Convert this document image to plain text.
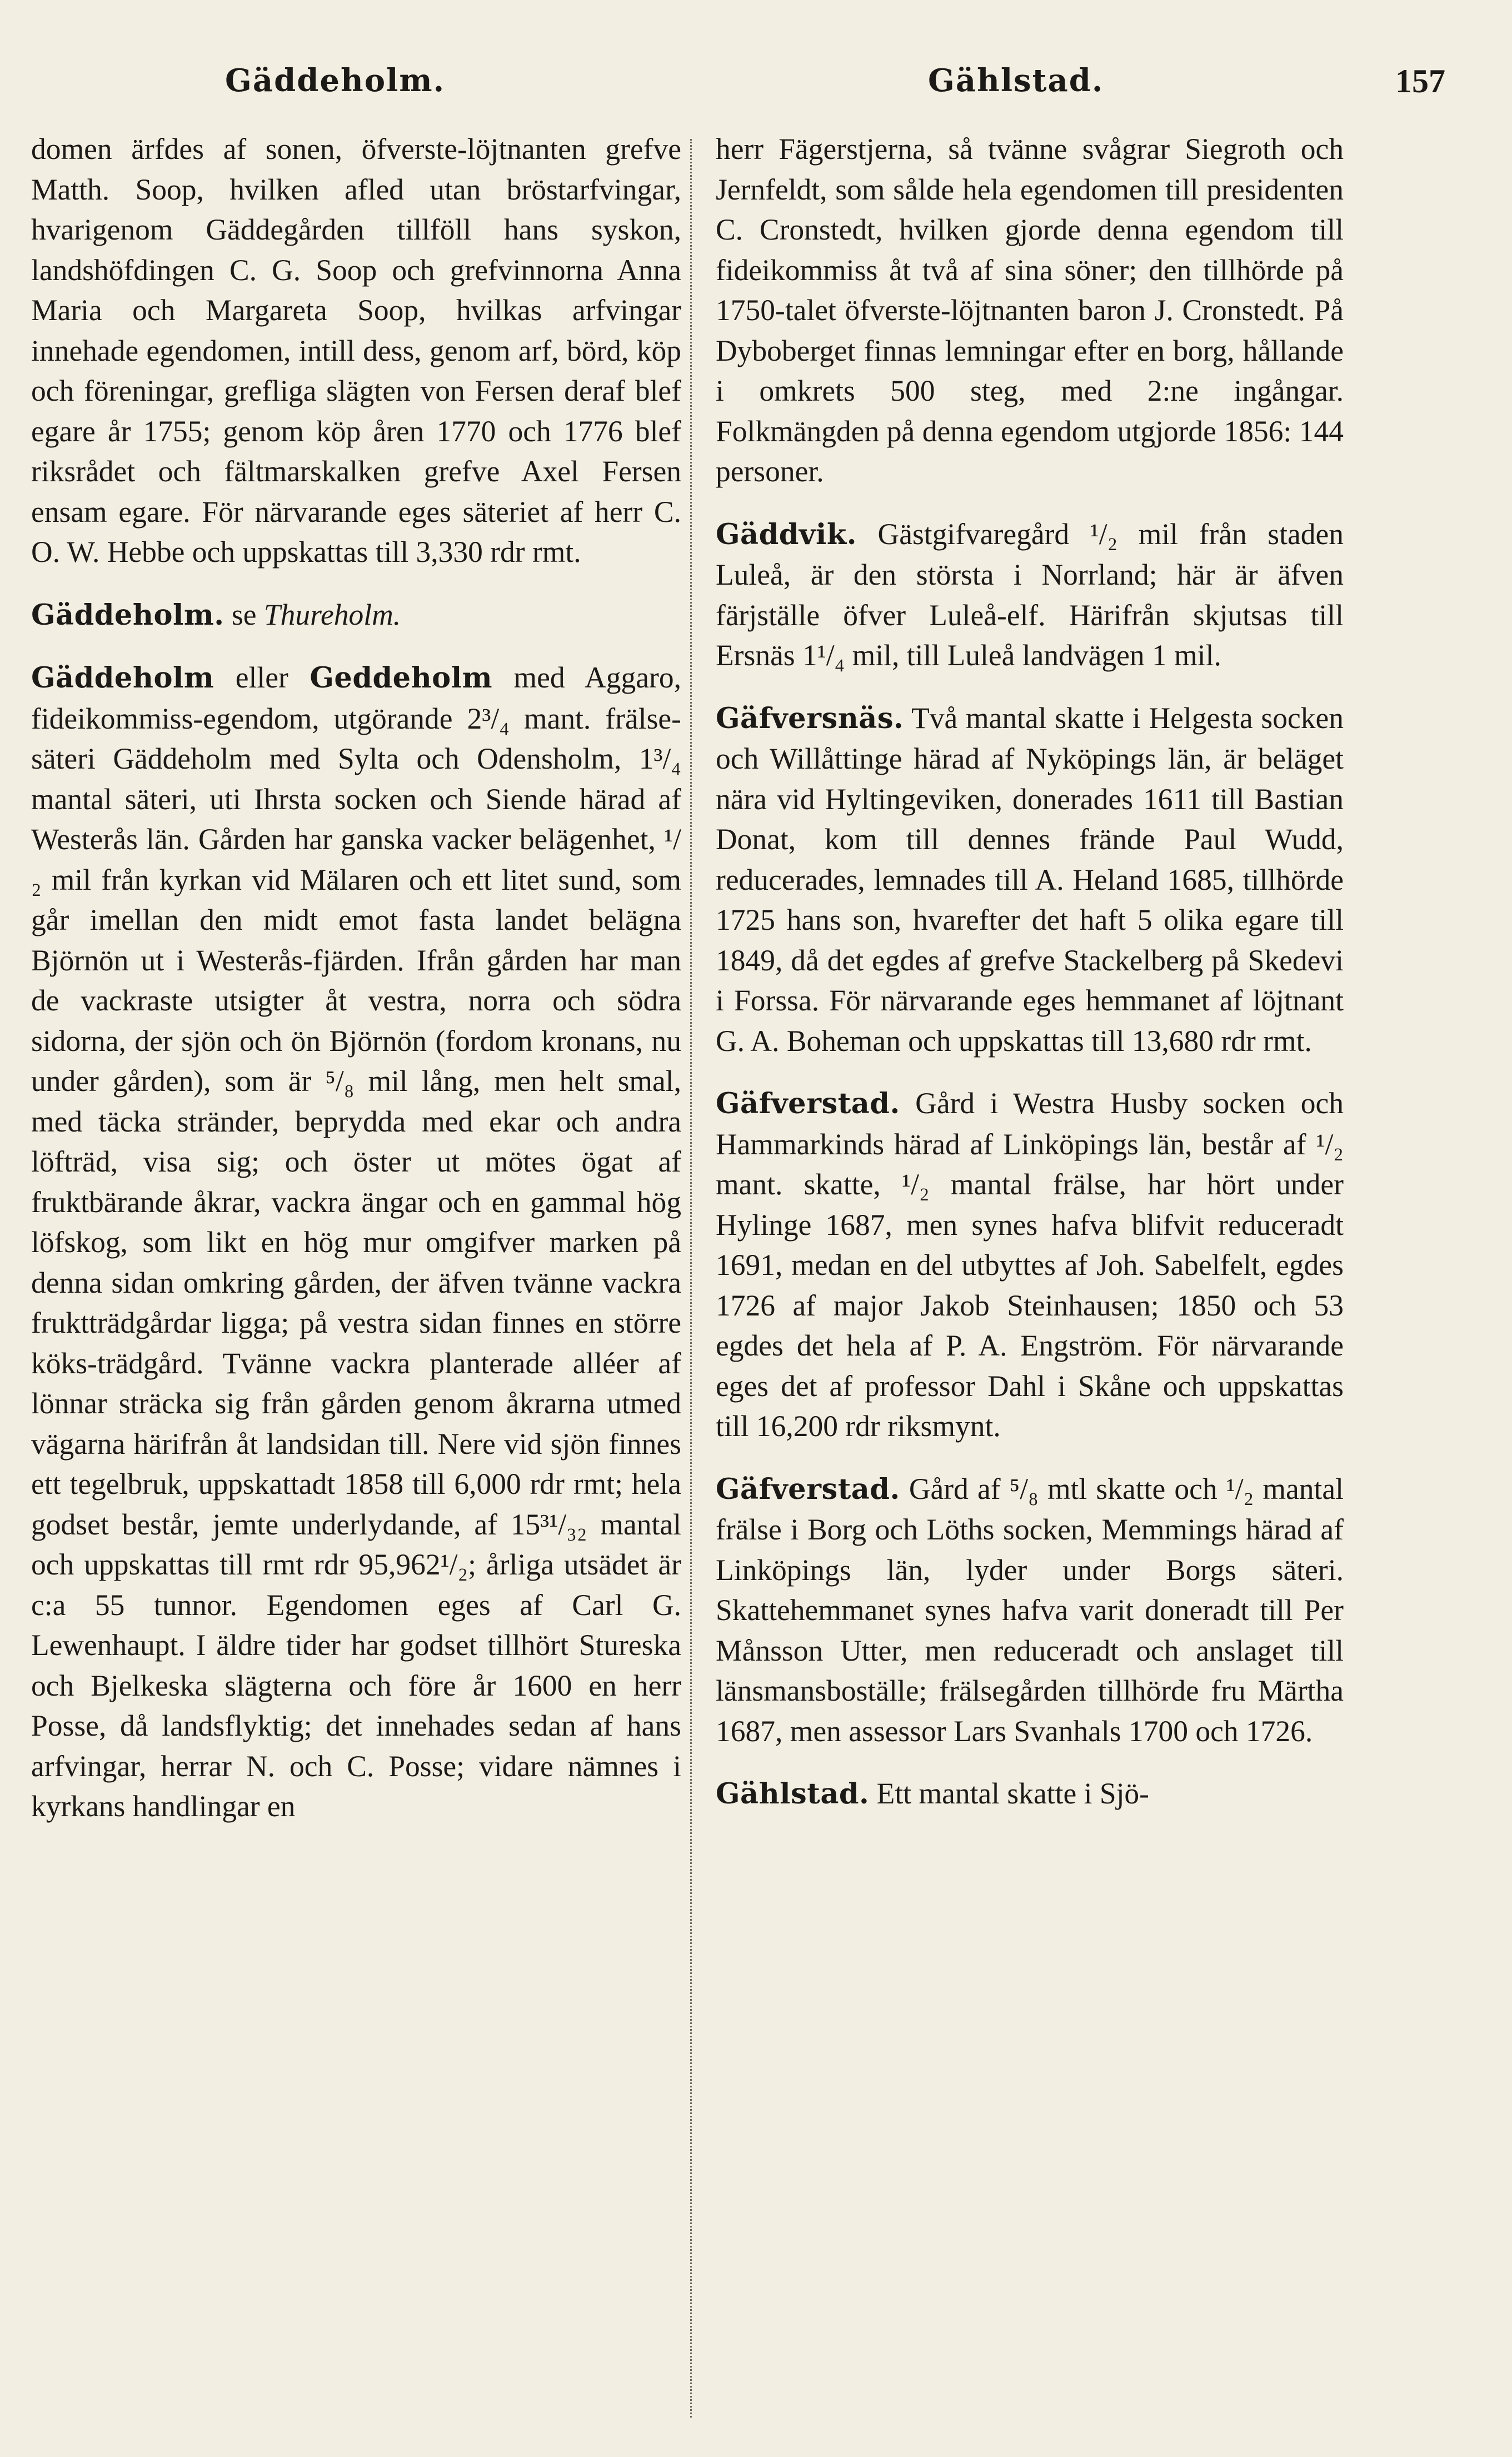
Gäddeholm.	Gählstad.	157

domen ärfdes af sonen, öfverste-löjtnanten grefve Matth. Soop, hvilken afled utan bröstarfvingar, hvarigenom Gäddegården tillföll hans syskon, landshöfdingen C. G. Soop och grefvinnorna Anna Maria och Margareta Soop, hvilkas arfvingar innehade egendomen, intill dess, genom arf, börd, köp och föreningar, grefliga slägten von Fersen deraf blef egare år 1755; genom köp åren 1770 och 1776 blef riksrådet och fältmarskalken grefve Axel Fersen ensam egare. För närvarande eges säteriet af herr C. O. W. Hebbe och uppskattas till 3,330 rdr rmt.

Gäddeholm. se Thureholm.

Gäddeholm eller Geddeholm med Aggaro, fideikommiss-egendom, utgörande 2³/₄ mant. frälse-säteri Gäddeholm med Sylta och Odensholm, 1³/₄ mantal säteri, uti Ihrsta socken och Siende härad af Westerås län. Gården har ganska vacker belägenhet, ¹/₂ mil från kyrkan vid Mälaren och ett litet sund, som går imellan den midt emot fasta landet belägna Björnön ut i Westerås-fjärden. Ifrån gården har man de vackraste utsigter åt vestra, norra och södra sidorna, der sjön och ön Björnön (fordom kronans, nu under gården), som är ⁵/₈ mil lång, men helt smal, med täcka stränder, beprydda med ekar och andra löfträd, visa sig; och öster ut mötes ögat af fruktbärande åkrar, vackra ängar och en gammal hög löfskog, som likt en hög mur omgifver marken på denna sidan omkring gården, der äfven tvänne vackra fruktträdgårdar ligga; på vestra sidan finnes en större köks-trädgård. Tvänne vackra planterade alléer af lönnar sträcka sig från gården genom åkrarna utmed vägarna härifrån åt landsidan till. Nere vid sjön finnes ett tegelbruk, uppskattadt 1858 till 6,000 rdr rmt; hela godset består, jemte underlydande, af 15³¹/₃₂ mantal och uppskattas till rmt rdr 95,962¹/₂; årliga utsädet är c:a 55 tunnor. Egendomen eges af Carl G. Lewenhaupt. I äldre tider har godset tillhört Stureska och Bjelkeska slägterna och före år 1600 en herr Posse, då landsflyktig; det innehades sedan af hans arfvingar, herrar N. och C. Posse; vidare nämnes i kyrkans handlingar en

herr Fägerstjerna, så tvänne svågrar Siegroth och Jernfeldt, som sålde hela egendomen till presidenten C. Cronstedt, hvilken gjorde denna egendom till fideikommiss åt två af sina söner; den tillhörde på 1750-talet öfverste-löjtnanten baron J. Cronstedt. På Dyboberget finnas lemningar efter en borg, hållande i omkrets 500 steg, med 2:ne ingångar. Folkmängden på denna egendom utgjorde 1856: 144 personer.

Gäddvik. Gästgifvaregård ¹/₂ mil från staden Luleå, är den största i Norrland; här är äfven färjställe öfver Luleå-elf. Härifrån skjutsas till Ersnäs 1¹/₄ mil, till Luleå landvägen 1 mil.

Gäfversnäs. Två mantal skatte i Helgesta socken och Willåttinge härad af Nyköpings län, är beläget nära vid Hyltingeviken, donerades 1611 till Bastian Donat, kom till dennes frände Paul Wudd, reducerades, lemnades till A. Heland 1685, tillhörde 1725 hans son, hvarefter det haft 5 olika egare till 1849, då det egdes af grefve Stackelberg på Skedevi i Forssa. För närvarande eges hemmanet af löjtnant G. A. Boheman och uppskattas till 13,680 rdr rmt.

Gäfverstad. Gård i Westra Husby socken och Hammarkinds härad af Linköpings län, består af ¹/₂ mant. skatte, ¹/₂ mantal frälse, har hört under Hylinge 1687, men synes hafva blifvit reduceradt 1691, medan en del utbyttes af Joh. Sabelfelt, egdes 1726 af major Jakob Steinhausen; 1850 och 53 egdes det hela af P. A. Engström. För närvarande eges det af professor Dahl i Skåne och uppskattas till 16,200 rdr riksmynt.

Gäfverstad. Gård af ⁵/₈ mtl skatte och ¹/₂ mantal frälse i Borg och Löths socken, Memmings härad af Linköpings län, lyder under Borgs säteri. Skattehemmanet synes hafva varit doneradt till Per Månsson Utter, men reduceradt och anslaget till länsmansboställe; frälsegården tillhörde fru Märtha 1687, men assessor Lars Svanhals 1700 och 1726.

Gählstad. Ett mantal skatte i Sjö-
